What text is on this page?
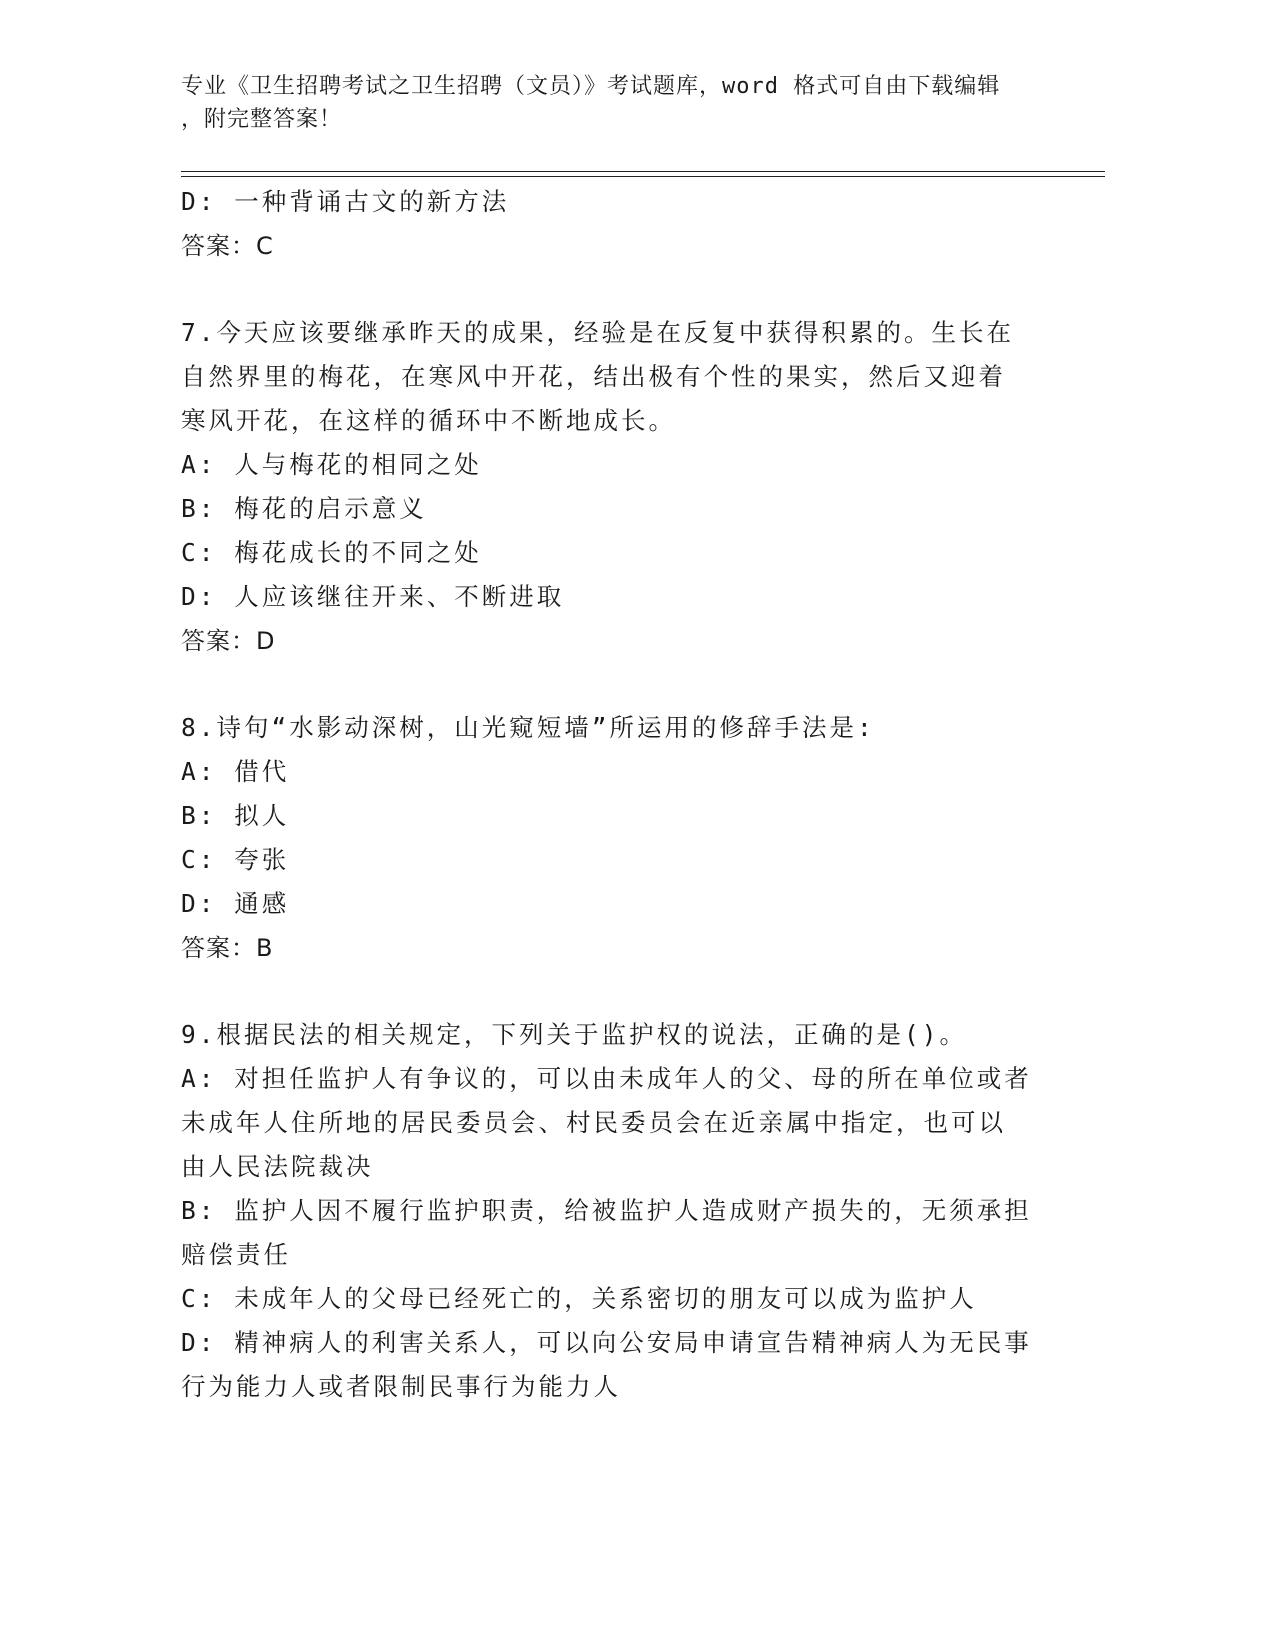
专业《卫生招聘考试之卫生招聘（文员）》考试题库，word 格式可自由下载编辑
，附完整答案！
D: 一种背诵古文的新方法
答案：C
7.今天应该要继承昨天的成果，经验是在反复中获得积累的。生长在
自然界里的梅花，在寒风中开花，结出极有个性的果实，然后又迎着
寒风开花，在这样的循环中不断地成长。
A: 人与梅花的相同之处
B: 梅花的启示意义
C: 梅花成长的不同之处
D: 人应该继往开来、不断进取
答案：D
8.诗句“水影动深树，山光窥短墙”所运用的修辞手法是:
A: 借代
B: 拟人
C: 夸张
D: 通感
答案：B
9.根据民法的相关规定，下列关于监护权的说法，正确的是()。
A: 对担任监护人有争议的，可以由未成年人的父、母的所在单位或者
未成年人住所地的居民委员会、村民委员会在近亲属中指定，也可以
由人民法院裁决
B: 监护人因不履行监护职责，给被监护人造成财产损失的，无须承担
赔偿责任
C: 未成年人的父母已经死亡的，关系密切的朋友可以成为监护人
D: 精神病人的利害关系人，可以向公安局申请宣告精神病人为无民事
行为能力人或者限制民事行为能力人
